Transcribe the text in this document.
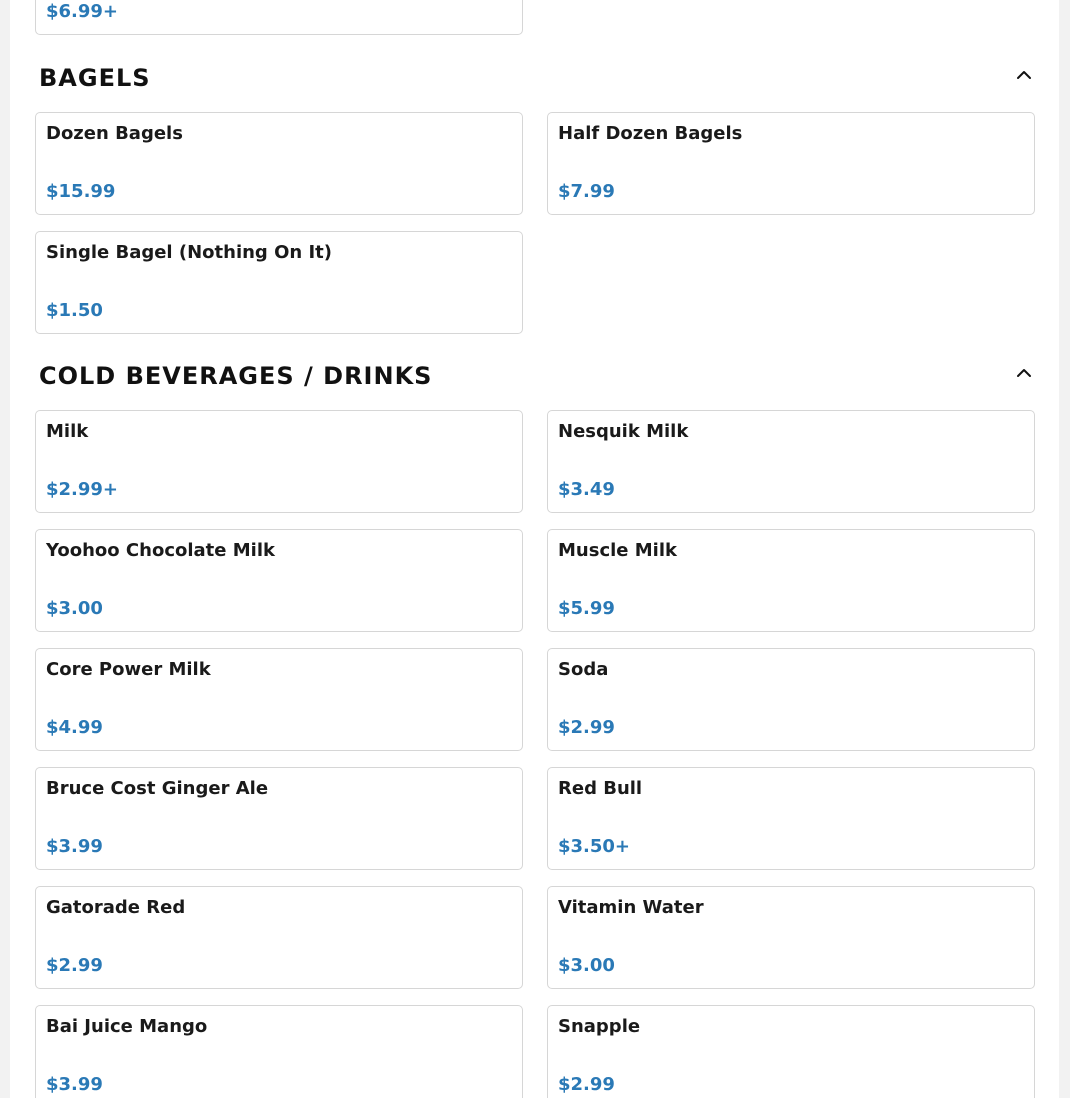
$6.99+
BAGELS
Dozen Bagels
$15.99
Half Dozen Bagels
$7.99
Single Bagel (Nothing On It)
$1.50
COLD BEVERAGES / DRINKS
Milk
$2.99+
Nesquik Milk
$3.49
Yoohoo Chocolate Milk
$3.00
Muscle Milk
$5.99
Core Power Milk
$4.99
Soda
$2.99
Bruce Cost Ginger Ale
$3.99
Red Bull
$3.50+
Gatorade Red
$2.99
Vitamin Water
$3.00
Bai Juice Mango
$3.99
Snapple
$2.99
